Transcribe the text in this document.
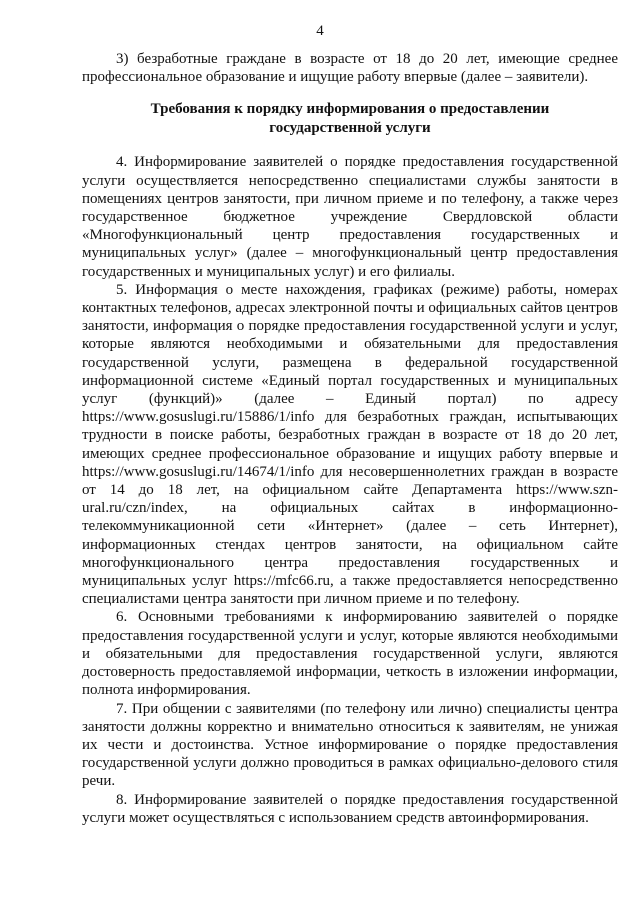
4

3) безработные граждане в возрасте от 18 до 20 лет, имеющие среднее профессиональное образование и ищущие работу впервые (далее – заявители).

Требования к порядку информирования о предоставлении государственной услуги

4. Информирование заявителей о порядке предоставления государственной услуги осуществляется непосредственно специалистами службы занятости в помещениях центров занятости, при личном приеме и по телефону, а также через государственное бюджетное учреждение Свердловской области «Многофункциональный центр предоставления государственных и муниципальных услуг» (далее – многофункциональный центр предоставления государственных и муниципальных услуг) и его филиалы.

5. Информация о месте нахождения, графиках (режиме) работы, номерах контактных телефонов, адресах электронной почты и официальных сайтов центров занятости, информация о порядке предоставления государственной услуги и услуг, которые являются необходимыми и обязательными для предоставления государственной услуги, размещена в федеральной государственной информационной системе «Единый портал государственных и муниципальных услуг (функций)» (далее – Единый портал) по адресу https://www.gosuslugi.ru/15886/1/info для безработных граждан, испытывающих трудности в поиске работы, безработных граждан в возрасте от 18 до 20 лет, имеющих среднее профессиональное образование и ищущих работу впервые и https://www.gosuslugi.ru/14674/1/info для несовершеннолетних граждан в возрасте от 14 до 18 лет, на официальном сайте Департамента https://www.szn-ural.ru/czn/index, на официальных сайтах в информационно-телекоммуникационной сети «Интернет» (далее – сеть Интернет), информационных стендах центров занятости, на официальном сайте многофункционального центра предоставления государственных и муниципальных услуг https://mfc66.ru, а также предоставляется непосредственно специалистами центра занятости при личном приеме и по телефону.

6. Основными требованиями к информированию заявителей о порядке предоставления государственной услуги и услуг, которые являются необходимыми и обязательными для предоставления государственной услуги, являются достоверность предоставляемой информации, четкость в изложении информации, полнота информирования.

7. При общении с заявителями (по телефону или лично) специалисты центра занятости должны корректно и внимательно относиться к заявителям, не унижая их чести и достоинства. Устное информирование о порядке предоставления государственной услуги должно проводиться в рамках официально-делового стиля речи.

8. Информирование заявителей о порядке предоставления государственной услуги может осуществляться с использованием средств автоинформирования.
